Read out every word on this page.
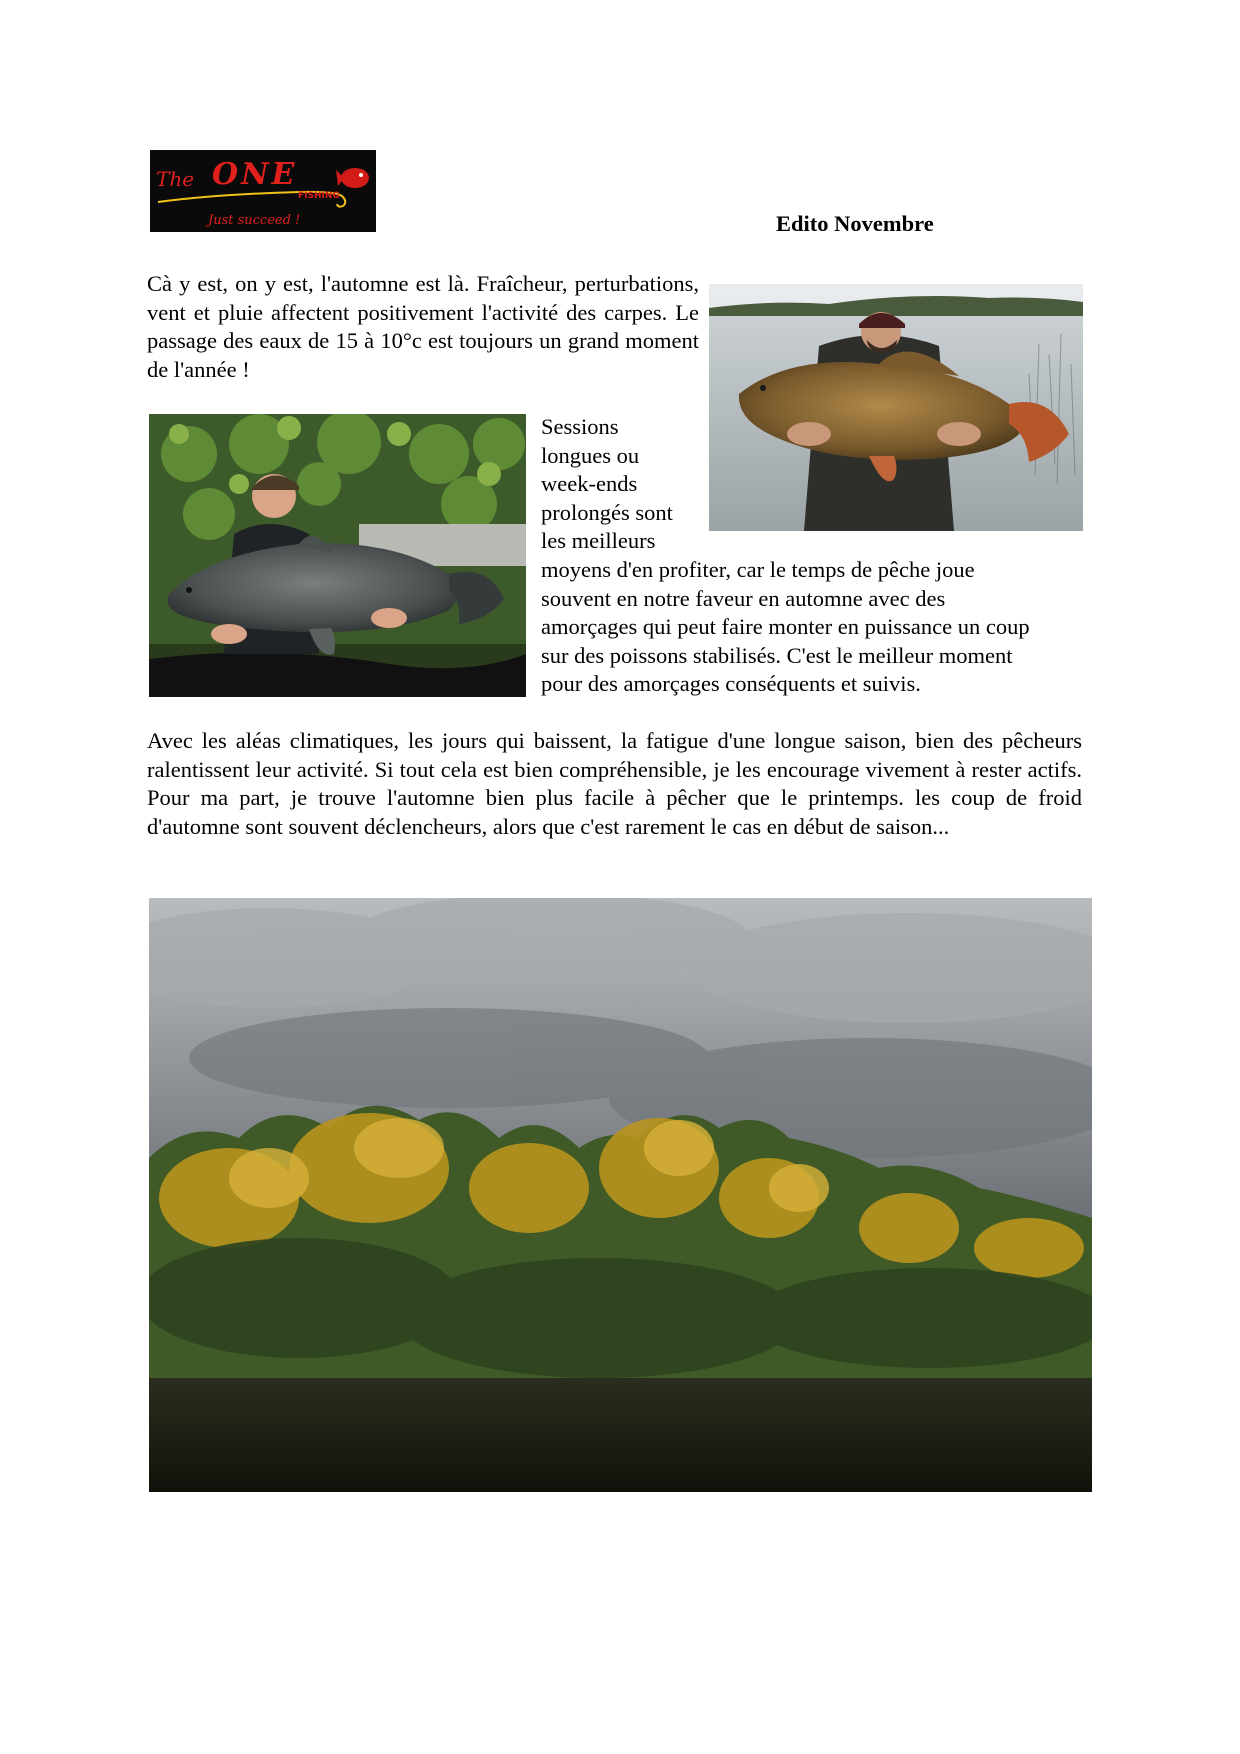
The ONE
FISHING
Just succeed !	Edito Novembre

Cà y est, on y est, l'automne est là. Fraîcheur, perturbations, vent et pluie affectent positivement l'activité des carpes. Le passage des eaux de 15 à 10°c est toujours un grand moment de l'année !

Sessions
longues ou
week-ends
prolongés sont
les meilleurs
moyens d'en profiter, car le temps de pêche joue
souvent en notre faveur en automne avec des
amorçages qui peut faire monter en puissance un coup
sur des poissons stabilisés. C'est le meilleur moment
pour des amorçages conséquents et suivis.

Avec les aléas climatiques, les jours qui baissent, la fatigue d'une longue saison, bien des pêcheurs ralentissent leur activité. Si tout cela est bien compréhensible, je les encourage vivement à rester actifs. Pour ma part, je trouve l'automne bien plus facile à pêcher que le printemps. les coup de froid d'automne sont souvent déclencheurs, alors que c'est rarement le cas en début de saison...
